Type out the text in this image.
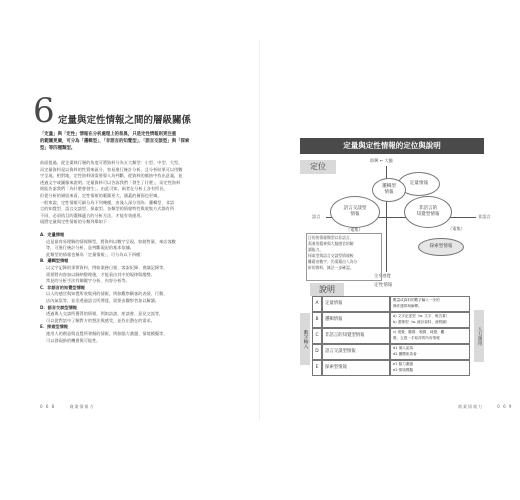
6 定量與定性情報之間的層級關係
「定量」與「定性」情報在分析處理上的差異，只是定性情報則更注重
的範圍更廣，可分為「邏輯型」、「非語言的知覺型」、「語言交談型」與「探索
型」等四種類型。
前面提過，從企畫執行層的角度可將資料分為五大類型：小型、中型、大型，
而定量資料是以資料的性質來區分，容易進行統計分析，且分析結果可以用數
字呈現。相對地，定性資料則需要靠人為判斷，從資料的脈絡中找出意義，並
透過文字或圖像來說明。定量資料可以告訴我們「發生了什麼」，而定性資料
則能告訴我們「為什麼會發生」。由此可知，兩者在分析上各有所長，
但從分析的層級來看，定性情報的範圍更大，涵蓋的層面也更廣。
一般來說，定性情報可細分為下列幾種，由淺入深分別為：邏輯型、非語
言的知覺型、語言交談型、探索型。各類型的情報特性與收集方式都有所
不同，必須依目的選擇適合的分析方法，才能有效運用。
現將定量與定性情報的分類列舉如下：
A．定量情報
這是最容易理解的情報類型，將資料以數字呈現，如銷售量、來店客數
等，可進行統計分析，是判斷現況的基本依據。
此類型的情報也稱為「定量情報」，可分為以下四種：
B．邏輯型情報
以文字記錄的事實資料，例如業務日報、客訴紀錄、會議記錄等，
需要將內容加以歸納整理後，才能看出其中的規律與趨勢。
常見的分析手法有關鍵字分析、內容分析等。
C．非語言的知覺型情報
以人的感官與知覺所收集到的情報，例如觀察顧客的表情、行動、
店內氣氛等，並非透過語言所傳達，需要由觀察者加以解讀。
D．語言交談型情報
透過與人交談所獲得的情報，例如訪談、座談會、意見交流等，
可以從對話中了解對方的想法與感受，並找出潛在的需求。
E．探索型情報
運用人的創意與直覺所發掘的情報，例如腦力激盪、情境模擬等，
可以發現新的機會與可能性。
0 6 8	商業情報力
定量與定性情報的定位與說明
定位
即興 ← 大膽
全身感覺
語言	非語言
定量情報
邏輯型
情報
非語言的
知覺型情報
語言交談型
情報
探索型情報
（電集）	（電集）
目的的情報類型以非語言、
需運用精神與大腦感官的解
讀能力。
探索型與語言交談型情報較
難藉由數字，仍需藉由人為分
析的資料，無法一步確認。
說明	定性情報
數字輸入	人力運用
A	定量情報
數量或資料的數字輸入一步的
操作運算與解釋。
B	邏輯情報
a) 文字記述型（w. 文字、報告書）
b) 畫像型（w. 統計資料、流程圖）
C	非語言的知覺型情報
c) 視覺、聽覺、嗅覺、味覺、觸
覺、五感一手取得的所有情報
D	語言交談型情報
d1 個人訪談
d2 團體座談會
E	探索型情報
e1 腦力激盪
e2 情境模擬
商業情報力	0 6 9
